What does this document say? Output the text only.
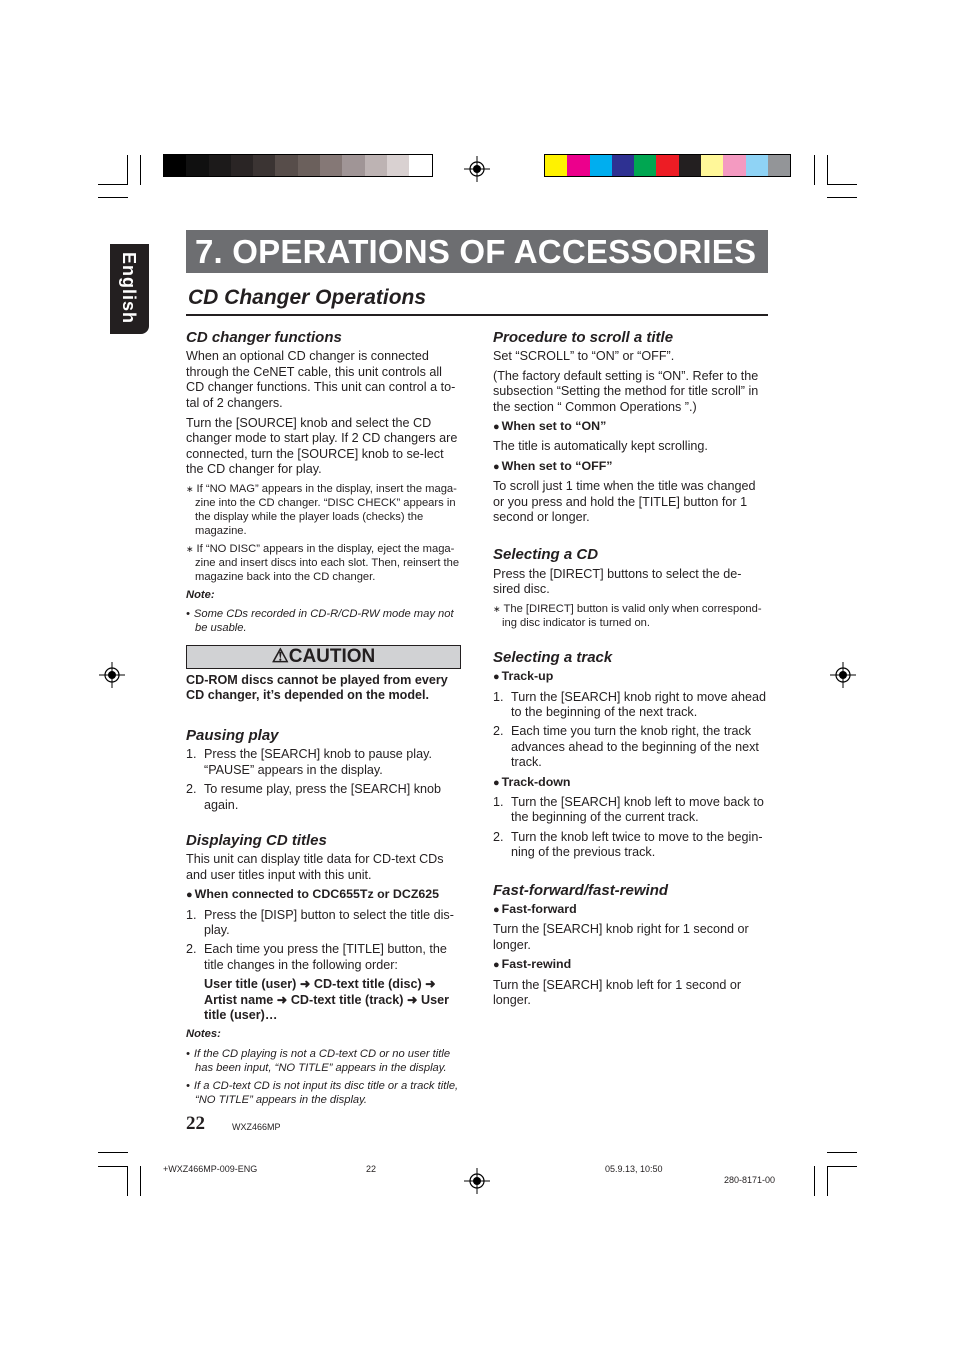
English
7. OPERATIONS OF ACCESSORIES
CD Changer Operations

CD changer functions

When an optional CD changer is connected through the CeNET cable, this unit controls all CD changer functions. This unit can control a to-tal of 2 changers.

Turn the [SOURCE] knob and select the CD changer mode to start play. If 2 CD changers are connected, turn the [SOURCE] knob to se-lect the CD changer for play.

∗ If “NO MAG” appears in the display, insert the maga-zine into the CD changer. “DISC CHECK” appears in the display while the player loads (checks) the magazine.

∗ If “NO DISC” appears in the display, eject the maga-zine and insert discs into each slot. Then, reinsert the magazine back into the CD changer.

Note:

• Some CDs recorded in CD-R/CD-RW mode may not be usable.

⚠CAUTION

CD-ROM discs cannot be played from every CD changer, it’s depended on the model.

Pausing play

1. Press the [SEARCH] knob to pause play. “PAUSE” appears in the display.

2. To resume play, press the [SEARCH] knob again.

Displaying CD titles

This unit can display title data for CD-text CDs and user titles input with this unit.

● When connected to CDC655Tz or DCZ625

1. Press the [DISP] button to select the title dis-play.

2. Each time you press the [TITLE] button, the title changes in the following order:

User title (user) ➜ CD-text title (disc) ➜ Artist name ➜ CD-text title (track) ➜ User title (user)…

Notes:

• If the CD playing is not a CD-text CD or no user title has been input, “NO TITLE” appears in the display.

• If a CD-text CD is not input its disc title or a track title, “NO TITLE” appears in the display.

Procedure to scroll a title

Set “SCROLL” to “ON” or “OFF”.

(The factory default setting is “ON”. Refer to the subsection “Setting the method for title scroll” in the section “ Common Operations ”.)

● When set to “ON”

The title is automatically kept scrolling.

● When set to “OFF”

To scroll just 1 time when the title was changed or you press and hold the [TITLE] button for 1 second or longer.

Selecting a CD

Press the [DIRECT] buttons to select the de-sired disc.

∗ The [DIRECT] button is valid only when correspond-ing disc indicator is turned on.

Selecting a track

● Track-up

1. Turn the [SEARCH] knob right to move ahead to the beginning of the next track.

2. Each time you turn the knob right, the track advances ahead to the beginning of the next track.

● Track-down

1. Turn the [SEARCH] knob left to move back to the beginning of the current track.

2. Turn the knob left twice to move to the begin-ning of the previous track.

Fast-forward/fast-rewind

● Fast-forward

Turn the [SEARCH] knob right for 1 second or longer.

● Fast-rewind

Turn the [SEARCH] knob left for 1 second or longer.

22	WXZ466MP
+WXZ466MP-009-ENG	22	05.9.13, 10:50
280-8171-00
